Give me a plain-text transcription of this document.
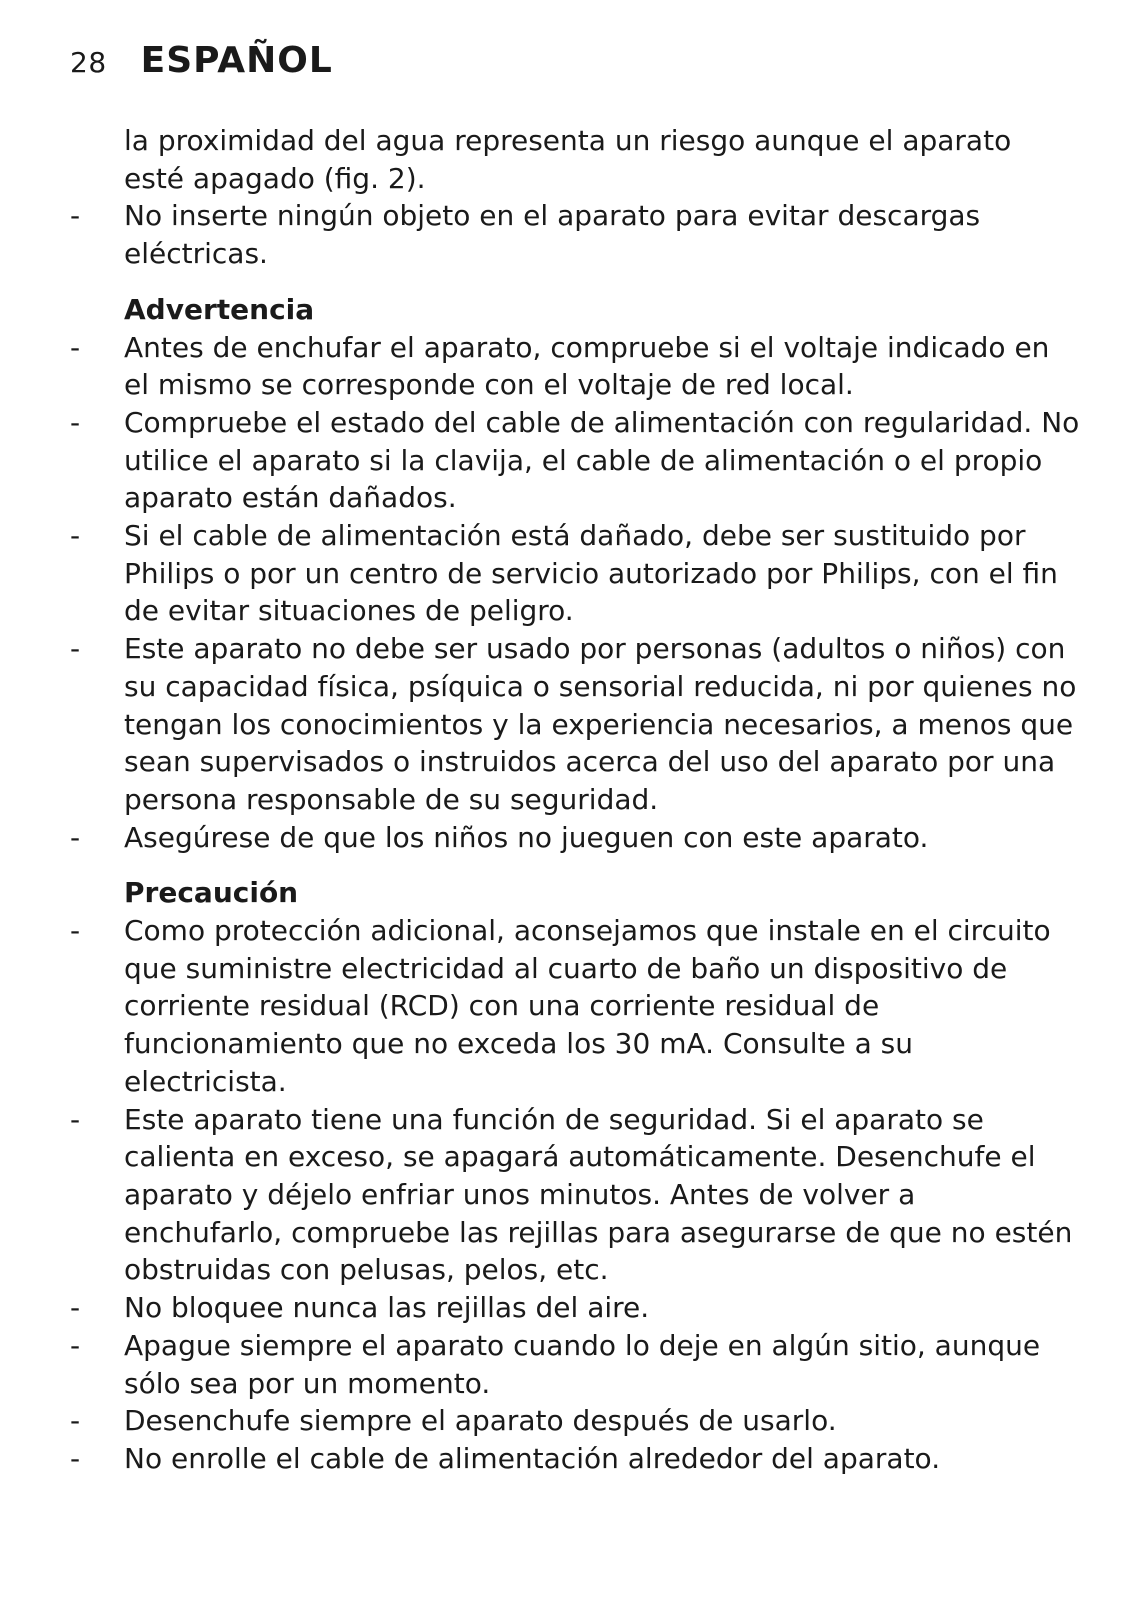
28 ESPAÑOL

la proximidad del agua representa un riesgo aunque el aparato esté apagado (fig. 2).

-	No inserte ningún objeto en el aparato para evitar descargas eléctricas.

Advertencia

-	Antes de enchufar el aparato, compruebe si el voltaje indicado en el mismo se corresponde con el voltaje de red local.
-	Compruebe el estado del cable de alimentación con regularidad. No utilice el aparato si la clavija, el cable de alimentación o el propio aparato están dañados.
-	Si el cable de alimentación está dañado, debe ser sustituido por Philips o por un centro de servicio autorizado por Philips, con el fin de evitar situaciones de peligro.
-	Este aparato no debe ser usado por personas (adultos o niños) con su capacidad física, psíquica o sensorial reducida, ni por quienes no tengan los conocimientos y la experiencia necesarios, a menos que sean supervisados o instruidos acerca del uso del aparato por una persona responsable de su seguridad.
-	Asegúrese de que los niños no jueguen con este aparato.

Precaución

-	Como protección adicional, aconsejamos que instale en el circuito que suministre electricidad al cuarto de baño un dispositivo de corriente residual (RCD) con una corriente residual de funcionamiento que no exceda los 30 mA. Consulte a su electricista.
-	Este aparato tiene una función de seguridad. Si el aparato se calienta en exceso, se apagará automáticamente. Desenchufe el aparato y déjelo enfriar unos minutos. Antes de volver a enchufarlo, compruebe las rejillas para asegurarse de que no estén obstruidas con pelusas, pelos, etc.
-	No bloquee nunca las rejillas del aire.
-	Apague siempre el aparato cuando lo deje en algún sitio, aunque sólo sea por un momento.
-	Desenchufe siempre el aparato después de usarlo.
-	No enrolle el cable de alimentación alrededor del aparato.
